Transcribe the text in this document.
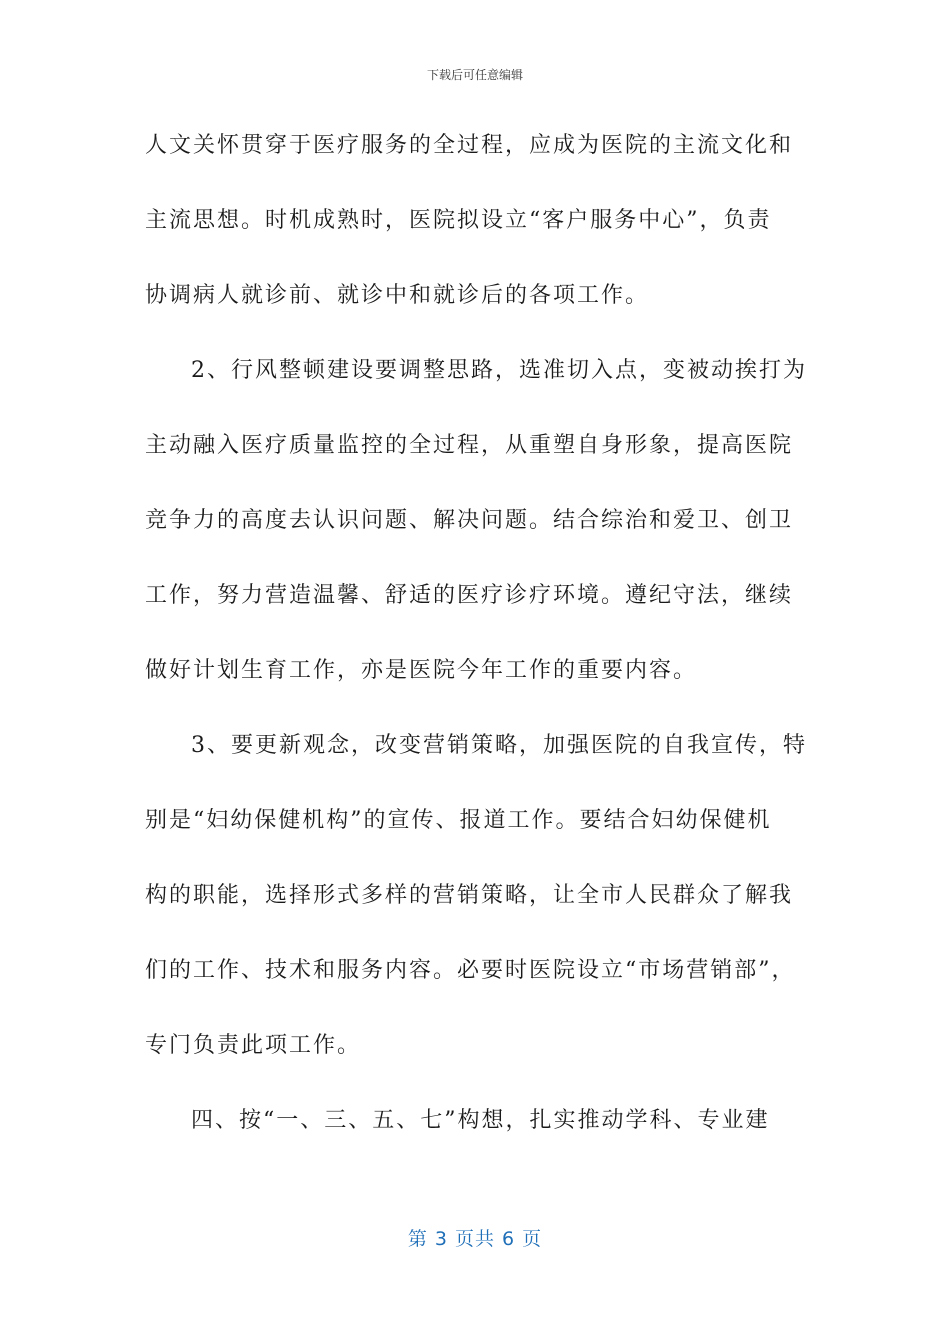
下载后可任意编辑
人文关怀贯穿于医疗服务的全过程，应成为医院的主流文化和
主流思想。时机成熟时，医院拟设立“客户服务中心”，负责
协调病人就诊前、就诊中和就诊后的各项工作。
2、行风整顿建设要调整思路，选准切入点，变被动挨打为
主动融入医疗质量监控的全过程，从重塑自身形象，提高医院
竞争力的高度去认识问题、解决问题。结合综治和爱卫、创卫
工作，努力营造温馨、舒适的医疗诊疗环境。遵纪守法，继续
做好计划生育工作，亦是医院今年工作的重要内容。
3、要更新观念，改变营销策略，加强医院的自我宣传，特
别是“妇幼保健机构”的宣传、报道工作。要结合妇幼保健机
构的职能，选择形式多样的营销策略，让全市人民群众了解我
们的工作、技术和服务内容。必要时医院设立“市场营销部”，
专门负责此项工作。
四、按“一、三、五、七”构想，扎实推动学科、专业建
第 3 页共 6 页
